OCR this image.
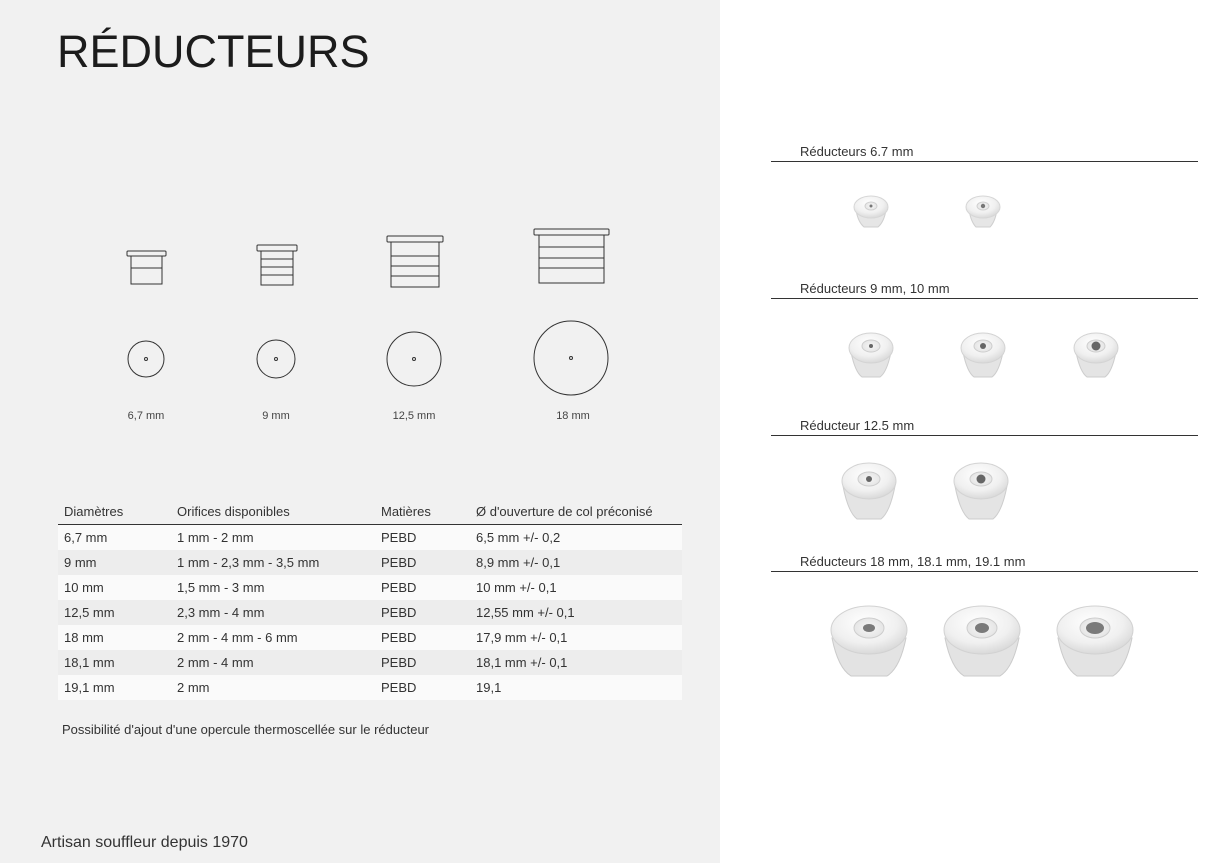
RÉDUCTEURS
6,7 mm	9 mm	12,5 mm	18 mm
Diamètres	Orifices disponibles	Matières	Ø d'ouverture de col préconisé
6,7 mm	1 mm - 2 mm	PEBD	6,5 mm +/- 0,2
9 mm	1 mm - 2,3 mm - 3,5 mm	PEBD	8,9 mm +/- 0,1
10 mm	1,5 mm - 3 mm	PEBD	10 mm +/- 0,1
12,5 mm	2,3 mm - 4 mm	PEBD	12,55 mm +/- 0,1
18 mm	2 mm - 4 mm - 6 mm	PEBD	17,9 mm +/- 0,1
18,1 mm	2 mm - 4 mm	PEBD	18,1 mm +/- 0,1
19,1 mm	2 mm	PEBD	19,1
Possibilité d'ajout d'une opercule thermoscellée sur le réducteur
Artisan souffleur depuis 1970
Réducteurs 6.7 mm
Réducteurs 9 mm, 10 mm
Réducteur 12.5 mm
Réducteurs 18 mm, 18.1 mm, 19.1 mm
